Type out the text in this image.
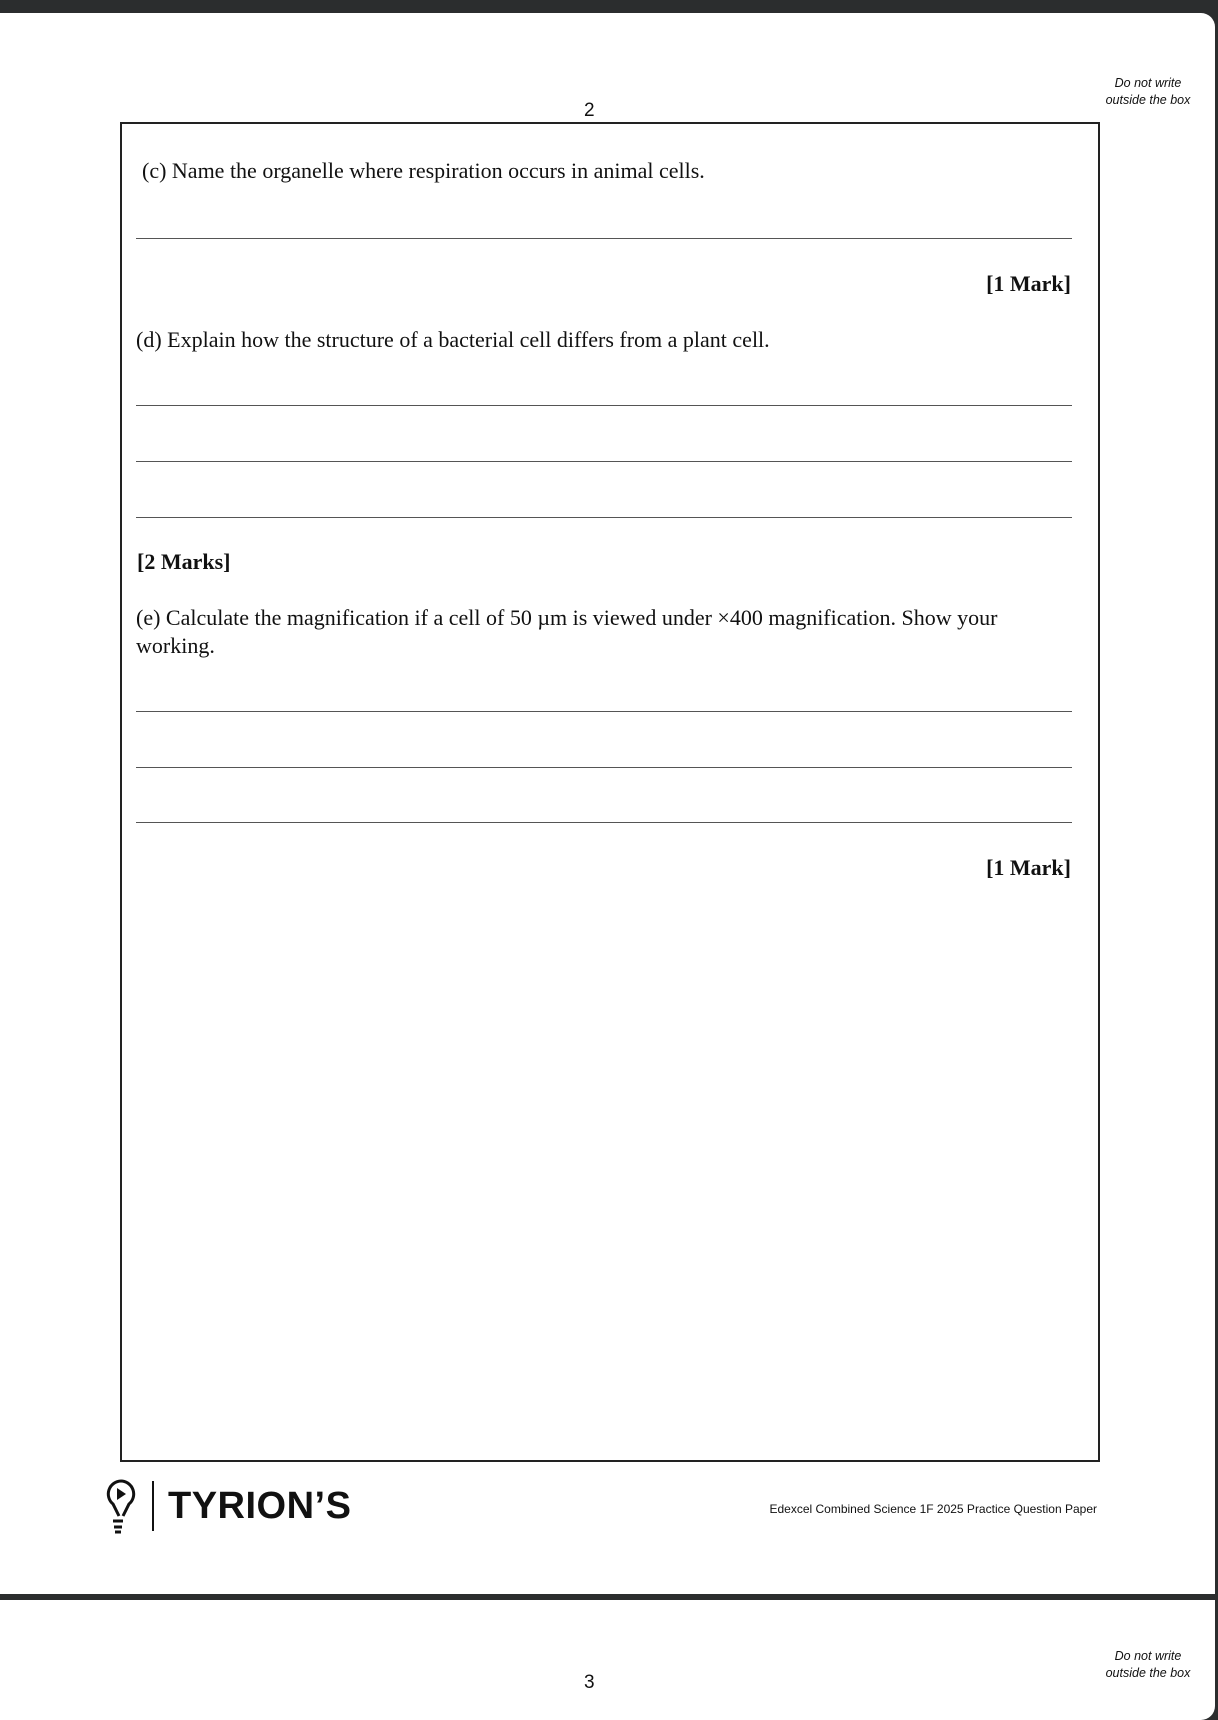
2
Do not write outside the box
(c) Name the organelle where respiration occurs in animal cells.
[1 Mark]
(d) Explain how the structure of a bacterial cell differs from a plant cell.
[2 Marks]
(e) Calculate the magnification if a cell of 50 µm is viewed under ×400 magnification. Show your working.
[1 Mark]
TYRION’S	Edexcel Combined Science 1F 2025 Practice Question Paper
3
Do not write outside the box
